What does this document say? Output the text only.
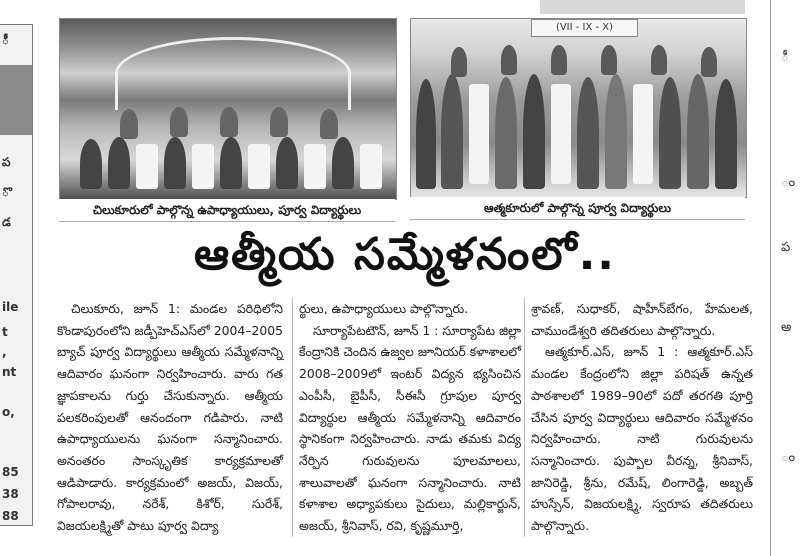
ీ
ప
ొ
డ
ile
t
,
nt
o,
85
38
88
ీ
ం
ప
అ
ం
(VII - IX - X)
చిలుకూరులో పాల్గొన్న ఉపాధ్యాయులు, పూర్వ విద్యార్థులు	ఆత్మకూరులో పాల్గొన్న పూర్వ విద్యార్థులు
ఆత్మీయ సమ్మేళనంలో..

చిలుకూరు, జూన్ 1: మండల పరిధిలోని కొండాపురంలోని జడ్పీహెచ్ఎస్‌లో 2004–2005 బ్యాచ్ పూర్వ విద్యార్థులు ఆత్మీయ సమ్మేళనాన్ని ఆదివారం ఘనంగా నిర్వహించారు. వారు గత జ్ఞాపకాలను గుర్తు చేసుకున్నారు. ఆత్మీయ పలకరింపులతో ఆనందంగా గడిపారు. నాటి ఉపాధ్యాయులను ఘనంగా సన్మానించారు. అనంతరం సాంస్కృతిక కార్యక్రమాలతో ఆడిపాడారు. కార్యక్రమంలో అజయ్, విజయ్, గోపాలరావు, నరేశ్, కిశోర్, సురేశ్, విజయలక్ష్మితో పాటు పూర్వ విద్యా

ర్థులు, ఉపాధ్యాయులు పాల్గొన్నారు.

సూర్యాపేటటౌన్, జూన్ 1 : సూర్యాపేట జిల్లా కేంద్రానికి చెందిన ఉజ్వల జూనియర్ కళాశాలలో 2008–2009లో ఇంటర్ విద్యన భ్యసించిన ఎంపీసీ, బైపీసీ, సీఈసీ గ్రూపుల పూర్వ విద్యార్థుల ఆత్మీయ సమ్మేళనాన్ని ఆదివారం స్థానికంగా నిర్వహించారు. నాడు తమకు విద్య నేర్పిన గురువులను పూలమాలలు, శాలువాలతో ఘనంగా సన్మానించారు. నాటి కళాశాల అధ్యాపకులు సైదులు, మల్లికార్జున్, అజయ్, శ్రీనివాస్, రవి, కృష్ణమూర్తి,

శ్రావణ్, సుధాకర్, షాహీన్‌బేగం, హేమలత, చాముండేశ్వరి తదితరులు పాల్గొన్నారు.

ఆత్మకూర్.ఎస్, జూన్ 1 : ఆత్మకూర్.ఎస్ మండల కేంద్రంలోని జిల్లా పరిషత్ ఉన్నత పాఠశాలలో 1989–90లో పదో తరగతి పూర్తి చేసిన పూర్వ విద్యార్థులు ఆదివారం సమ్మేళనం నిర్వహించారు. నాటి గురువులను సన్మానించారు. పుప్పాల వీరన్న, శ్రీనివాస్, జానిరెడ్డి, శ్రీను, రమేష్, లింగారెడ్డి, అబ్బత్ హుస్సేన్, విజయలక్ష్మి, స్వరూప తదితరులు పాల్గొన్నారు.
